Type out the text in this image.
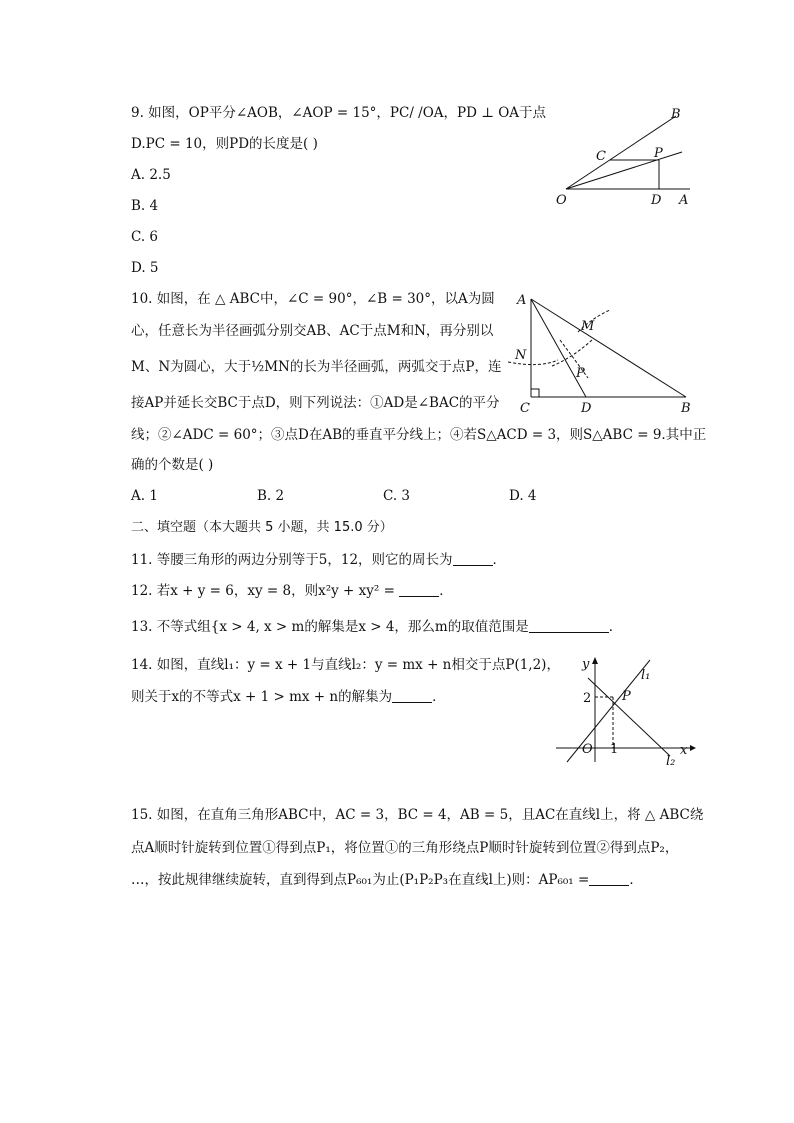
9. 如图，OP平分∠AOB，∠AOP = 15°，PC/ /OA，PD ⊥ OA于点
D.PC = 10，则PD的长度是( )
A. 2.5
B. 4
C. 6
D. 5
B
C	P
O	D A
10. 如图，在 △ ABC中，∠C = 90°，∠B = 30°，以A为圆
心，任意长为半径画弧分别交AB、AC于点M和N，再分别以
M、N为圆心，大于½MN的长为半径画弧，两弧交于点P，连
接AP并延长交BC于点D，则下列说法：①AD是∠BAC的平分
线；②∠ADC = 60°；③点D在AB的垂直平分线上；④若S△ACD = 3，则S△ABC = 9.其中正
确的个数是( )
A. 1	B. 2	C. 3	D. 4
A
M
N
P
C	D	B
二、填空题（本大题共 5 小题，共 15.0 分）
11. 等腰三角形的两边分别等于5，12，则它的周长为	．
12. 若x + y = 6，xy = 8，则x²y + xy² =	．
13. 不等式组{x > 4, x > m的解集是x > 4，那么m的取值范围是	．
14. 如图，直线l₁：y = x + 1与直线l₂：y = mx + n相交于点P(1,2)，
则关于x的不等式x + 1 > mx + n的解集为	．
y
l₁
2 P
O 1	x
l₂
15. 如图，在直角三角形ABC中，AC = 3，BC = 4，AB = 5，且AC在直线l上，将 △ ABC绕
点A顺时针旋转到位置①得到点P₁，将位置①的三角形绕点P顺时针旋转到位置②得到点P₂，
…，按此规律继续旋转，直到得到点P₆₀₁为止(P₁P₂P₃在直线l上)则：AP₆₀₁ =	．
